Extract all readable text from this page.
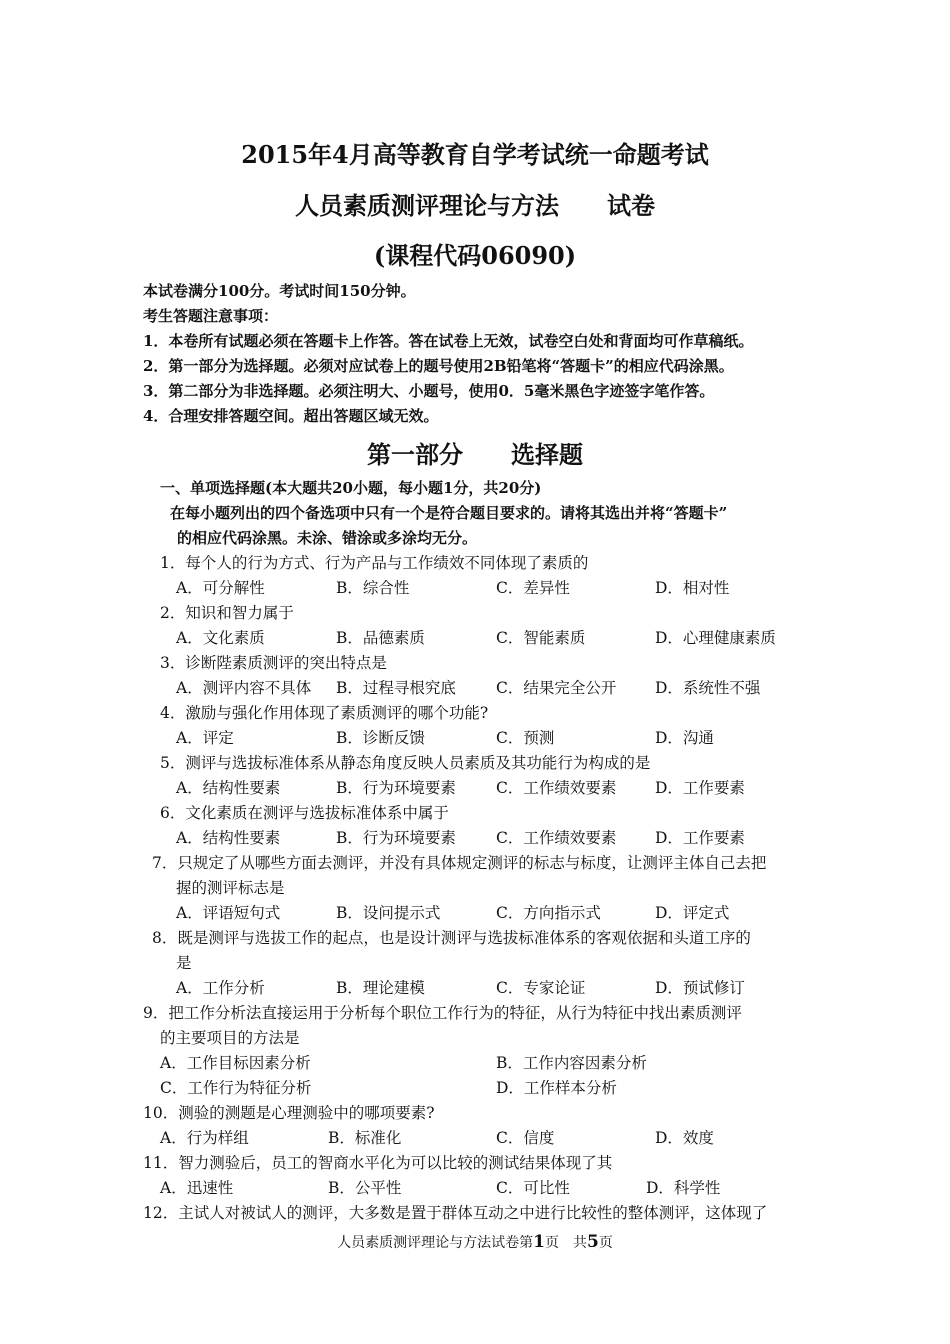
2015年4月高等教育自学考试统一命题考试
人员素质测评理论与方法　　试卷
(课程代码06090)
本试卷满分100分。考试时间150分钟。
考生答题注意事项：
1．本卷所有试题必须在答题卡上作答。答在试卷上无效，试卷空白处和背面均可作草稿纸。
2．第一部分为选择题。必须对应试卷上的题号使用2B铅笔将“答题卡”的相应代码涂黑。
3．第二部分为非选择题。必须注明大、小题号，使用0．5毫米黑色字迹签字笔作答。
4．合理安排答题空间。超出答题区域无效。
第一部分　　选择题
一、单项选择题(本大题共20小题，每小题1分，共20分)
在每小题列出的四个备选项中只有一个是符合题目要求的。请将其选出并将“答题卡”
的相应代码涂黑。未涂、错涂或多涂均无分。
1．每个人的行为方式、行为产品与工作绩效不同体现了素质的
A．可分解性	B．综合性	C．差异性	D．相对性
2．知识和智力属于
A．文化素质	B．品德素质	C．智能素质	D．心理健康素质
3．诊断陛素质测评的突出特点是
A．测评内容不具体 B．过程寻根究底	C．结果完全公开 D．系统性不强
4．激励与强化作用体现了素质测评的哪个功能?
A．评定	B．诊断反馈	C．预测	D．沟通
5．测评与选拔标准体系从静态角度反映人员素质及其功能行为构成的是
A．结构性要素	B．行为环境要素	C．工作绩效要素 D．工作要素
6．文化素质在测评与选拔标准体系中属于
A．结构性要素	B．行为环境要素	C．工作绩效要素 D．工作要素
7．只规定了从哪些方面去测评，并没有具体规定测评的标志与标度，让测评主体自己去把
握的测评标志是
A．评语短句式	B．设问提示式	C．方向指示式	D．评定式
8．既是测评与选拔工作的起点，也是设计测评与选拔标准体系的客观依据和头道工序的
是
A．工作分析	B．理论建模	C．专家论证	D．预试修订
9．把工作分析法直接运用于分析每个职位工作行为的特征，从行为特征中找出素质测评
的主要项目的方法是
A．工作目标因素分析	B．工作内容因素分析
C．工作行为特征分析	D．工作样本分析
10．测验的测题是心理测验中的哪项要素?
A．行为样组	B．标准化	C．信度	D．效度
11．智力测验后，员工的智商水平化为可以比较的测试结果体现了其
A．迅速性	B．公平性	C．可比性	D．科学性
12．主试人对被试人的测评，大多数是置于群体互动之中进行比较性的整体测评，这体现了
人员素质测评理论与方法试卷第1页　共5页
